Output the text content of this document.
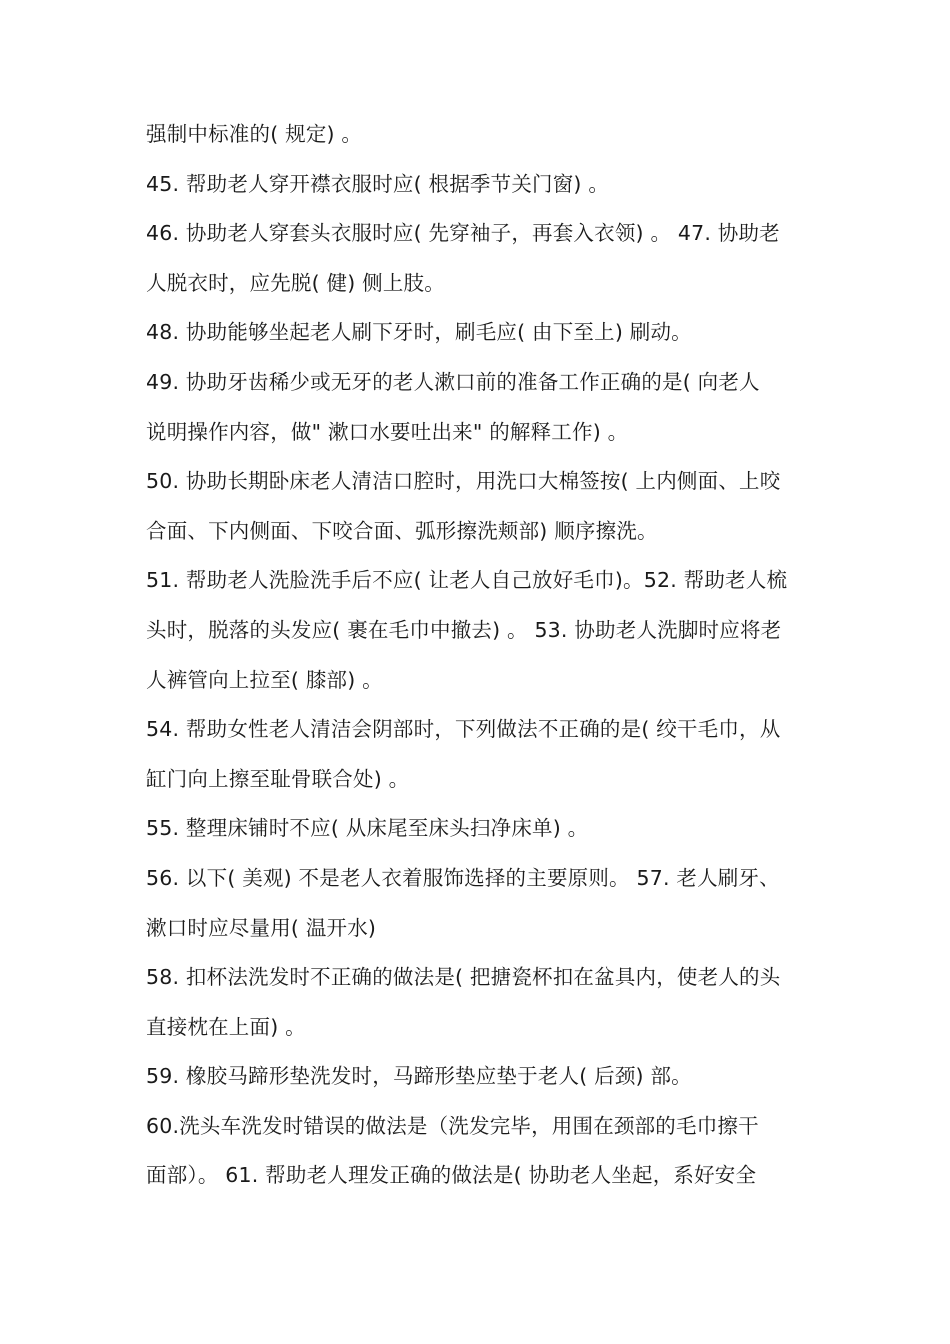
强制中标准的( 规定) 。
45. 帮助老人穿开襟衣服时应( 根据季节关门窗) 。
46. 协助老人穿套头衣服时应( 先穿袖子，再套入衣领) 。 47. 协助老
人脱衣时，应先脱( 健) 侧上肢。
48. 协助能够坐起老人刷下牙时，刷毛应( 由下至上) 刷动。
49. 协助牙齿稀少或无牙的老人漱口前的准备工作正确的是( 向老人
说明操作内容，做" 漱口水要吐出来" 的解释工作) 。
50. 协助长期卧床老人清洁口腔时，用洗口大棉签按( 上内侧面、上咬
合面、下内侧面、下咬合面、弧形擦洗颊部) 顺序擦洗。
51. 帮助老人洗脸洗手后不应( 让老人自己放好毛巾)。52. 帮助老人梳
头时，脱落的头发应( 裹在毛巾中撤去) 。 53. 协助老人洗脚时应将老
人裤管向上拉至( 膝部) 。
54. 帮助女性老人清洁会阴部时，下列做法不正确的是( 绞干毛巾，从
缸门向上擦至耻骨联合处) 。
55. 整理床铺时不应( 从床尾至床头扫净床单) 。
56. 以下( 美观) 不是老人衣着服饰选择的主要原则。 57. 老人刷牙、
漱口时应尽量用( 温开水)
58. 扣杯法洗发时不正确的做法是( 把搪瓷杯扣在盆具内，使老人的头
直接枕在上面) 。
59. 橡胶马蹄形垫洗发时，马蹄形垫应垫于老人( 后颈) 部。
60.洗头车洗发时错误的做法是（洗发完毕，用围在颈部的毛巾擦干
面部）。 61. 帮助老人理发正确的做法是( 协助老人坐起，系好安全
